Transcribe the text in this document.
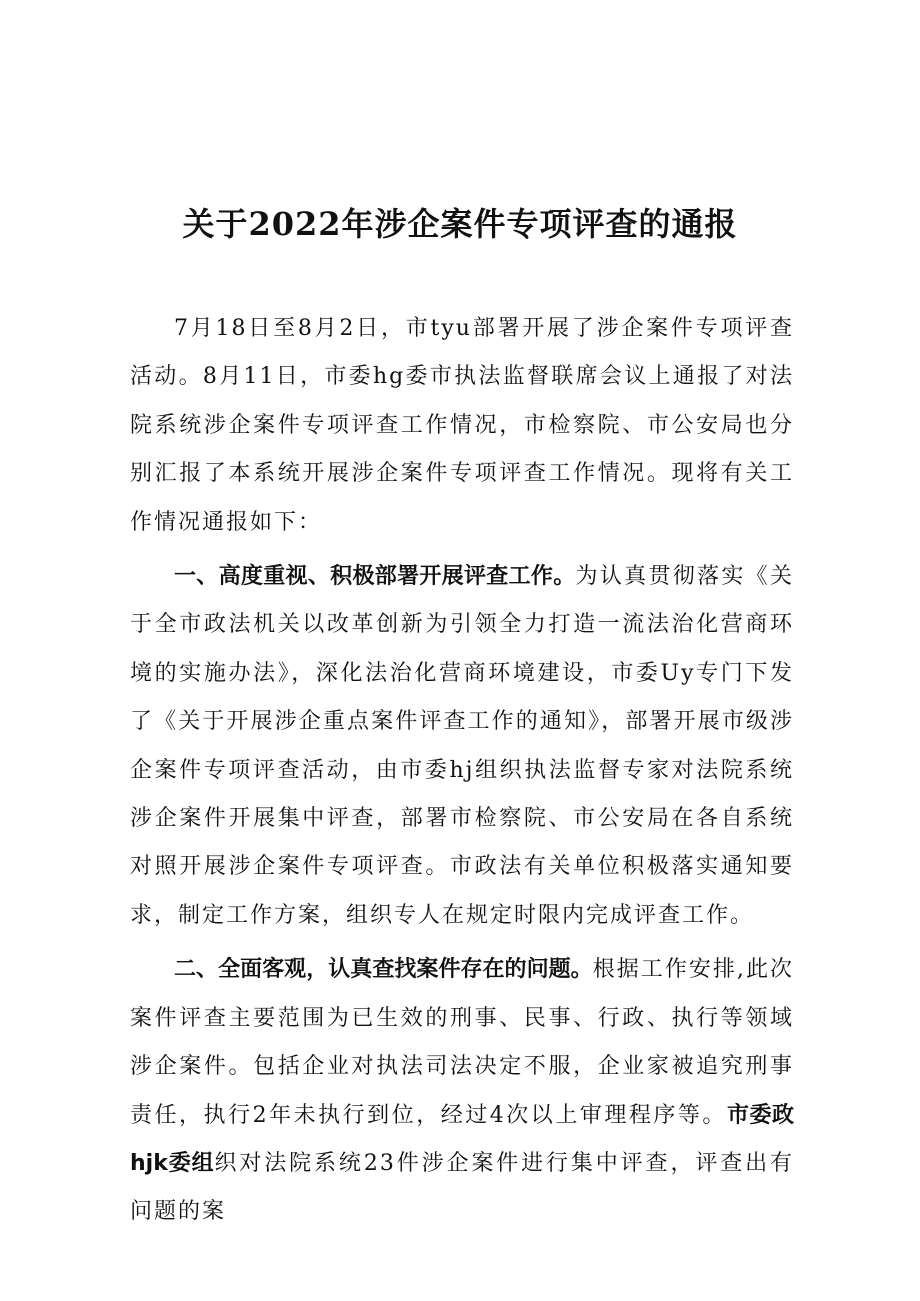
关于2022年涉企案件专项评查的通报

7月18日至8月2日，市tyu部署开展了涉企案件专项评查活动。8月11日，市委hg委市执法监督联席会议上通报了对法院系统涉企案件专项评查工作情况，市检察院、市公安局也分别汇报了本系统开展涉企案件专项评查工作情况。现将有关工作情况通报如下：

一、高度重视、积极部署开展评查工作。为认真贯彻落实《关于全市政法机关以改革创新为引领全力打造一流法治化营商环境的实施办法》，深化法治化营商环境建设，市委Uy专门下发了《关于开展涉企重点案件评查工作的通知》，部署开展市级涉企案件专项评查活动，由市委hj组织执法监督专家对法院系统涉企案件开展集中评查，部署市检察院、市公安局在各自系统对照开展涉企案件专项评查。市政法有关单位积极落实通知要求，制定工作方案，组织专人在规定时限内完成评查工作。

二、全面客观，认真查找案件存在的问题。根据工作安排,此次案件评查主要范围为已生效的刑事、民事、行政、执行等领域涉企案件。包括企业对执法司法决定不服，企业家被追究刑事责任，执行2年未执行到位，经过4次以上审理程序等。市委政hjk委组织对法院系统23件涉企案件进行集中评查，评查出有问题的案
